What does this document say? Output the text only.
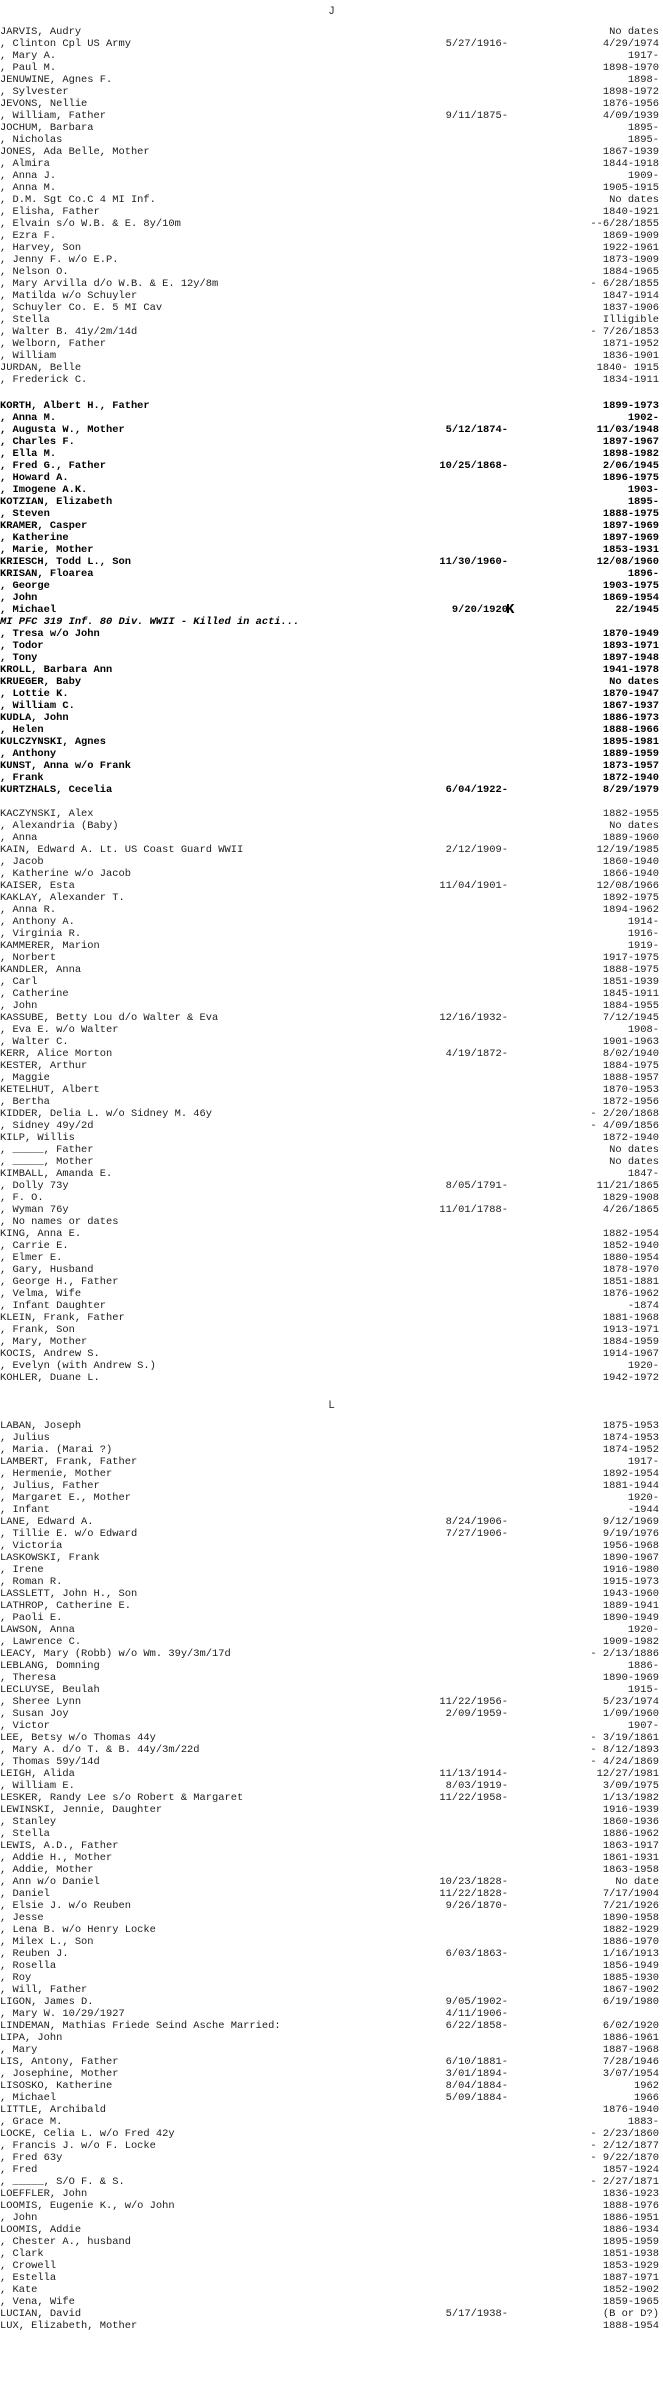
J
JARVIS, Audry	No dates
, Clinton Cpl US Army	5/27/1916-	4/29/1974
, Mary A.	1917-
, Paul M.	1898-1970
JENUWINE, Agnes F.	1898-
, Sylvester	1898-1972
JEVONS, Nellie	1876-1956
, William, Father	9/11/1875-	4/09/1939
JOCHUM, Barbara	1895-
, Nicholas	1895-
JONES, Ada Belle, Mother	1867-1939
, Almira	1844-1918
, Anna J.	1909-
, Anna M.	1905-1915
, D.M. Sgt Co.C 4 MI Inf.	No dates
, Elisha, Father	1840-1921
, Elvain s/o W.B. & E. 8y/10m	--6/28/1855
, Ezra F.	1869-1909
, Harvey, Son	1922-1961
, Jenny F. w/o E.P.	1873-1909
, Nelson O.	1884-1965
, Mary Arvilla d/o W.B. & E. 12y/8m	- 6/28/1855
, Matilda w/o Schuyler	1847-1914
, Schuyler Co. E. 5 MI Cav	1837-1906
, Stella	Illigible
, Walter B. 41y/2m/14d	- 7/26/1853
, Welborn, Father	1871-1952
, William	1836-1901
JURDAN, Belle	1840- 1915
, Frederick C.	1834-1911
KORTH, Albert H., Father	1899-1973
, Anna M.	1902-
, Augusta W., Mother	5/12/1874-	11/03/1948
, Charles F.	1897-1967
, Ella M.	1898-1982
, Fred G., Father	10/25/1868-	2/06/1945
, Howard A.	1896-1975
, Imogene A.K.	1903-
KOTZIAN, Elizabeth	1895-
, Steven	1888-1975
KRAMER, Casper	1897-1969
, Katherine	1897-1969
, Marie, Mother	1853-1931
KRIESCH, Todd L., Son	11/30/1960-	12/08/1960
KRISAN, Floarea	1896-
, George	1903-1975
, John	1869-1954
, Michael	9/20/1920	22/1945
K
MI PFC 319 Inf. 80 Div. WWII - Killed in acti...
, Tresa w/o John	1870-1949
, Todor	1893-1971
, Tony	1897-1948
KROLL, Barbara Ann	1941-1978
KRUEGER, Baby	No dates
, Lottie K.	1870-1947
, William C.	1867-1937
KUDLA, John	1886-1973
, Helen	1888-1966
KULCZYNSKI, Agnes	1895-1981
, Anthony	1889-1959
KUNST, Anna w/o Frank	1873-1957
, Frank	1872-1940
KURTZHALS, Cecelia	6/04/1922-	8/29/1979
KACZYNSKI, Alex	1882-1955
, Alexandria (Baby)	No dates
, Anna	1889-1960
KAIN, Edward A. Lt. US Coast Guard WWII	2/12/1909-	12/19/1985
, Jacob	1860-1940
, Katherine w/o Jacob	1866-1940
KAISER, Esta	11/04/1901-	12/08/1966
KAKLAY, Alexander T.	1892-1975
, Anna R.	1894-1962
, Anthony A.	1914-
, Virginia R.	1916-
KAMMERER, Marion	1919-
, Norbert	1917-1975
KANDLER, Anna	1888-1975
, Carl	1851-1939
, Catherine	1845-1911
, John	1884-1955
KASSUBE, Betty Lou d/o Walter & Eva	12/16/1932-	7/12/1945
, Eva E. w/o Walter	1908-
, Walter C.	1901-1963
KERR, Alice Morton	4/19/1872-	8/02/1940
KESTER, Arthur	1884-1975
, Maggie	1888-1957
KETELHUT, Albert	1870-1953
, Bertha	1872-1956
KIDDER, Delia L. w/o Sidney M. 46y	- 2/20/1868
, Sidney 49y/2d	- 4/09/1856
KILP, Willis	1872-1940
, _____, Father	No dates
, _____, Mother	No dates
KIMBALL, Amanda E.	1847-
, Dolly 73y	8/05/1791-	11/21/1865
, F. O.	1829-1908
, Wyman 76y	11/01/1788-	4/26/1865
, No names or dates
KING, Anna E.	1882-1954
, Carrie E.	1852-1940
, Elmer E.	1880-1954
, Gary, Husband	1878-1970
, George H., Father	1851-1881
, Velma, Wife	1876-1962
, Infant Daughter	-1874
KLEIN, Frank, Father	1881-1968
, Frank, Son	1913-1971
, Mary, Mother	1884-1959
KOCIS, Andrew S.	1914-1967
, Evelyn (with Andrew S.)	1920-
KOHLER, Duane L.	1942-1972
L
LABAN, Joseph	1875-1953
, Julius	1874-1953
, Maria. (Marai ?)	1874-1952
LAMBERT, Frank, Father	1917-
, Hermenie, Mother	1892-1954
, Julius, Father	1881-1944
, Margaret E., Mother	1920-
, Infant	-1944
LANE, Edward A.	8/24/1906-	9/12/1969
, Tillie E. w/o Edward	7/27/1906-	9/19/1976
, Victoria	1956-1968
LASKOWSKI, Frank	1890-1967
, Irene	1916-1980
, Roman R.	1915-1973
LASSLETT, John H., Son	1943-1960
LATHROP, Catherine E.	1889-1941
, Paoli E.	1890-1949
LAWSON, Anna	1920-
, Lawrence C.	1909-1982
LEACY, Mary (Robb) w/o Wm. 39y/3m/17d	- 2/13/1886
LEBLANG, Domning	1886-
, Theresa	1890-1969
LECLUYSE, Beulah	1915-
, Sheree Lynn	11/22/1956-	5/23/1974
, Susan Joy	2/09/1959-	1/09/1960
, Victor	1907-
LEE, Betsy w/o Thomas 44y	- 3/19/1861
, Mary A. d/o T. & B. 44y/3m/22d	- 8/12/1893
, Thomas 59y/14d	- 4/24/1869
LEIGH, Alida	11/13/1914-	12/27/1981
, William E.	8/03/1919-	3/09/1975
LESKER, Randy Lee s/o Robert & Margaret	11/22/1958-	1/13/1982
LEWINSKI, Jennie, Daughter	1916-1939
, Stanley	1860-1936
, Stella	1886-1962
LEWIS, A.D., Father	1863-1917
, Addie H., Mother	1861-1931
, Addie, Mother	1863-1958
, Ann w/o Daniel	10/23/1828-	No date
, Daniel	11/22/1828-	7/17/1904
, Elsie J. w/o Reuben	9/26/1870-	7/21/1926
, Jesse	1890-1958
, Lena B. w/o Henry Locke	1882-1929
, Milex L., Son	1886-1970
, Reuben J.	6/03/1863-	1/16/1913
, Rosella	1856-1949
, Roy	1885-1930
, Will, Father	1867-1902
LIGON, James D.	9/05/1902-	6/19/1980
, Mary W. 10/29/1927	4/11/1906-
LINDEMAN, Mathias Friede Seind Asche Married:	6/22/1858-	6/02/1920
LIPA, John	1886-1961
, Mary	1887-1968
LIS, Antony, Father	6/10/1881-	7/28/1946
, Josephine, Mother	3/01/1894-	3/07/1954
LISOSKO, Katherine	8/04/1884-	1962
, Michael	5/09/1884-	1966
LITTLE, Archibald	1876-1940
, Grace M.	1883-
LOCKE, Celia L. w/o Fred 42y	- 2/23/1860
, Francis J. w/o F. Locke	- 2/12/1877
, Fred 63y	- 9/22/1870
, Fred	1857-1924
, _____, S/O F. & S.	- 2/27/1871
LOEFFLER, John	1836-1923
LOOMIS, Eugenie K., w/o John	1888-1976
, John	1886-1951
LOOMIS, Addie	1886-1934
, Chester A., husband	1895-1959
, Clark	1851-1938
, Crowell	1853-1929
, Estella	1887-1971
, Kate	1852-1902
, Vena, Wife	1859-1965
LUCIAN, David	5/17/1938-	(B or D?)
LUX, Elizabeth, Mother	1888-1954
